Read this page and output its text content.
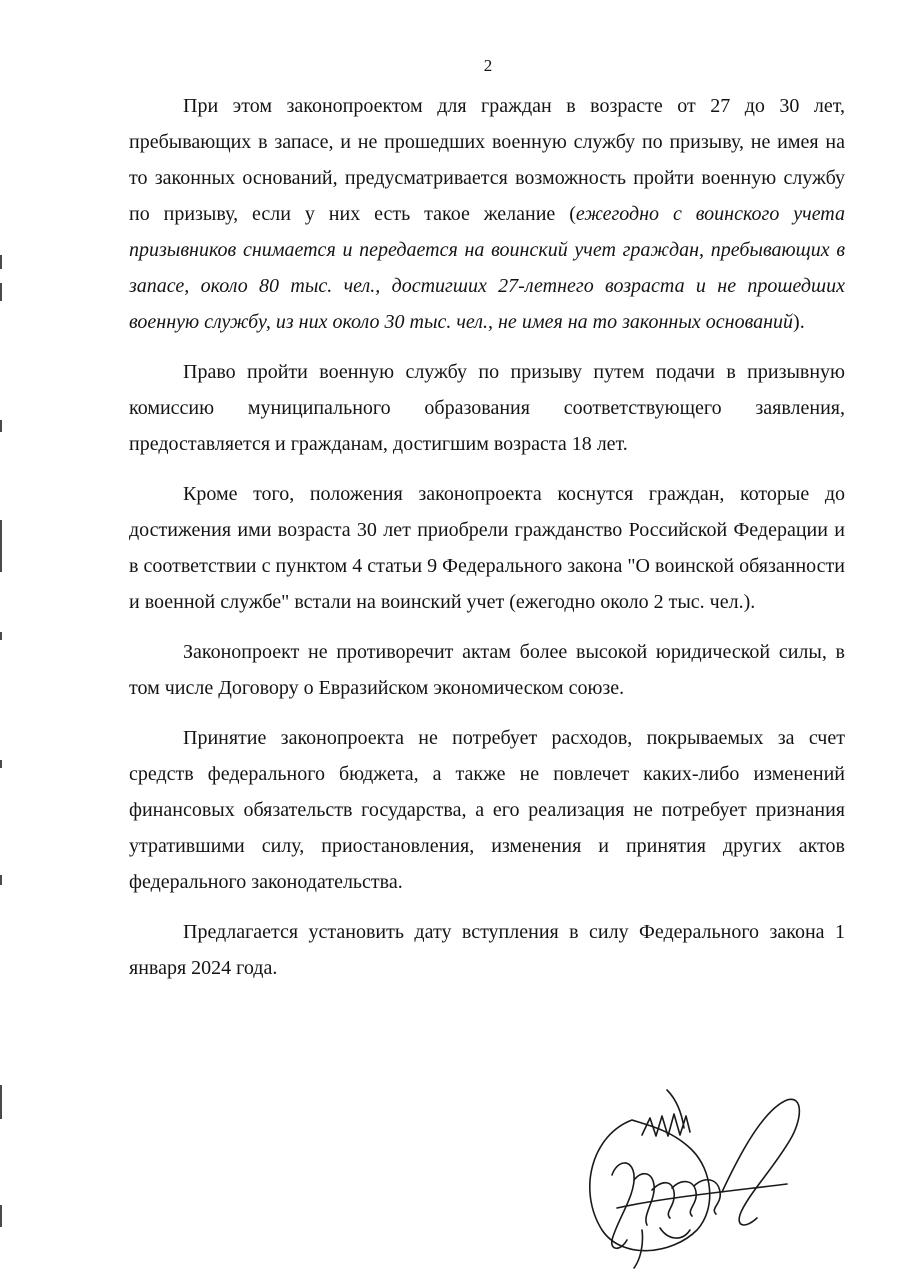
2

При этом законопроектом для граждан в возрасте от 27 до 30 лет, пребывающих в запасе, и не прошедших военную службу по призыву, не имея на то законных оснований, предусматривается возможность пройти военную службу по призыву, если у них есть такое желание (ежегодно с воинского учета призывников снимается и передается на воинский учет граждан, пребывающих в запасе, около 80 тыс. чел., достигших 27-летнего возраста и не прошедших военную службу, из них около 30 тыс. чел., не имея на то законных оснований).

Право пройти военную службу по призыву путем подачи в призывную комиссию муниципального образования соответствующего заявления, предоставляется и гражданам, достигшим возраста 18 лет.

Кроме того, положения законопроекта коснутся граждан, которые до достижения ими возраста 30 лет приобрели гражданство Российской Федерации и в соответствии с пунктом 4 статьи 9 Федерального закона "О воинской обязанности и военной службе" встали на воинский учет (ежегодно около 2 тыс. чел.).

Законопроект не противоречит актам более высокой юридической силы, в том числе Договору о Евразийском экономическом союзе.

Принятие законопроекта не потребует расходов, покрываемых за счет средств федерального бюджета, а также не повлечет каких-либо изменений финансовых обязательств государства, а его реализация не потребует признания утратившими силу, приостановления, изменения и принятия других актов федерального законодательства.

Предлагается установить дату вступления в силу Федерального закона 1 января 2024 года.
